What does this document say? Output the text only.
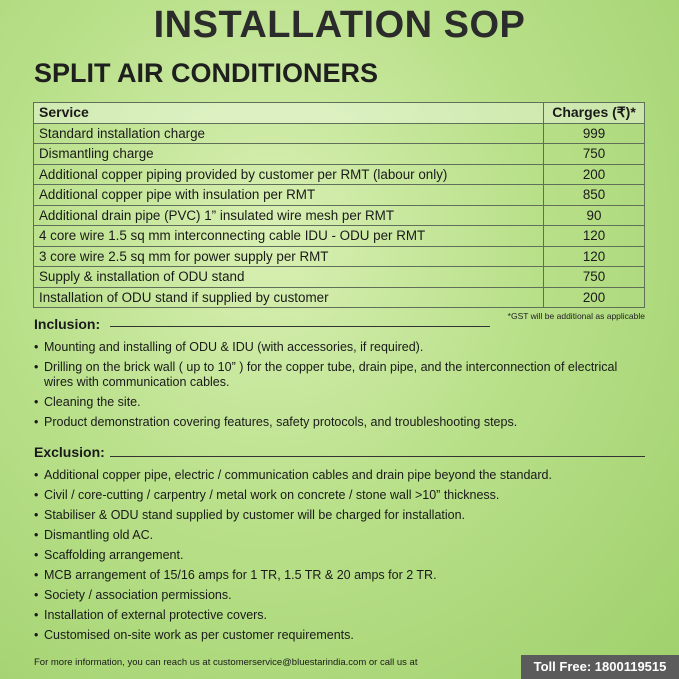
INSTALLATION SOP
SPLIT AIR CONDITIONERS
Service	Charges (₹)*
Standard installation charge	999
Dismantling charge	750
Additional copper piping provided by customer per RMT (labour only)	200
Additional copper pipe with insulation per RMT	850
Additional drain pipe (PVC) 1” insulated wire mesh per RMT	90
4 core wire 1.5 sq mm interconnecting cable IDU - ODU per RMT	120
3 core wire 2.5 sq mm for power supply per RMT	120
Supply & installation of ODU stand	750
Installation of ODU stand if supplied by customer	200
*GST will be additional as applicable
Inclusion:
• Mounting and installing of ODU & IDU (with accessories, if required).
• Drilling on the brick wall ( up to 10” ) for the copper tube, drain pipe, and the interconnection of electrical wires with communication cables.
• Cleaning the site.
• Product demonstration covering features, safety protocols, and troubleshooting steps.
Exclusion:
• Additional copper pipe, electric / communication cables and drain pipe beyond the standard.
• Civil / core-cutting / carpentry / metal work on concrete / stone wall >10” thickness.
• Stabiliser & ODU stand supplied by customer will be charged for installation.
• Dismantling old AC.
• Scaffolding arrangement.
• MCB arrangement of 15/16 amps for 1 TR, 1.5 TR & 20 amps for 2 TR.
• Society / association permissions.
• Installation of external protective covers.
• Customised on-site work as per customer requirements.
For more information, you can reach us at customerservice@bluestarindia.com or call us at	Toll Free: 1800119515
